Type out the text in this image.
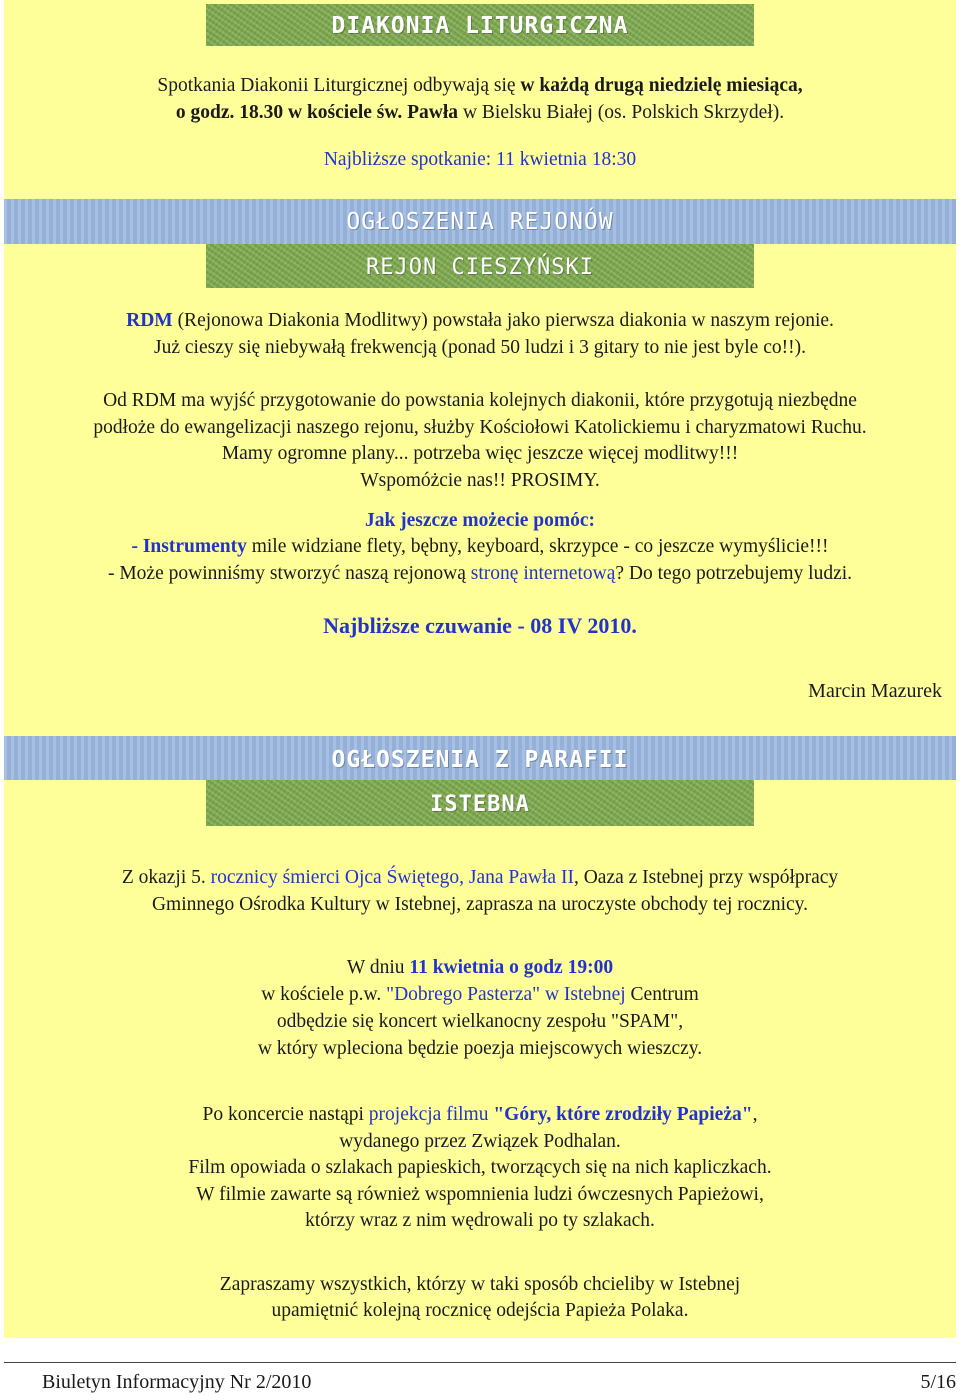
DIAKONIA LITURGICZNA
Spotkania Diakonii Liturgicznej odbywają się w każdą drugą niedzielę miesiąca,
o godz. 18.30 w kościele św. Pawła w Bielsku Białej (os. Polskich Skrzydeł).
Najbliższe spotkanie: 11 kwietnia 18:30
OGŁOSZENIA REJONÓW
REJON CIESZYŃSKI
RDM (Rejonowa Diakonia Modlitwy) powstała jako pierwsza diakonia w naszym rejonie.
Już cieszy się niebywałą frekwencją (ponad 50 ludzi i 3 gitary to nie jest byle co!!).
Od RDM ma wyjść przygotowanie do powstania kolejnych diakonii, które przygotują niezbędne
podłoże do ewangelizacji naszego rejonu, służby Kościołowi Katolickiemu i charyzmatowi Ruchu.
Mamy ogromne plany... potrzeba więc jeszcze więcej modlitwy!!!
Wspomóżcie nas!! PROSIMY.
Jak jeszcze możecie pomóc:
- Instrumenty mile widziane flety, bębny, keyboard, skrzypce - co jeszcze wymyślicie!!!
- Może powinniśmy stworzyć naszą rejonową stronę internetową? Do tego potrzebujemy ludzi.
Najbliższe czuwanie - 08 IV 2010.
Marcin Mazurek
OGŁOSZENIA Z PARAFII
ISTEBNA
Z okazji 5. rocznicy śmierci Ojca Świętego, Jana Pawła II, Oaza z Istebnej przy współpracy
Gminnego Ośrodka Kultury w Istebnej, zaprasza na uroczyste obchody tej rocznicy.
W dniu 11 kwietnia o godz 19:00
w kościele p.w. "Dobrego Pasterza" w Istebnej Centrum
odbędzie się koncert wielkanocny zespołu "SPAM",
w który wpleciona będzie poezja miejscowych wieszczy.
Po koncercie nastąpi projekcja filmu "Góry, które zrodziły Papieża",
wydanego przez Związek Podhalan.
Film opowiada o szlakach papieskich, tworzących się na nich kapliczkach.
W filmie zawarte są również wspomnienia ludzi ówczesnych Papieżowi,
którzy wraz z nim wędrowali po ty szlakach.
Zapraszamy wszystkich, którzy w taki sposób chcieliby w Istebnej
upamiętnić kolejną rocznicę odejścia Papieża Polaka.
Biuletyn Informacyjny Nr 2/2010	5/16
